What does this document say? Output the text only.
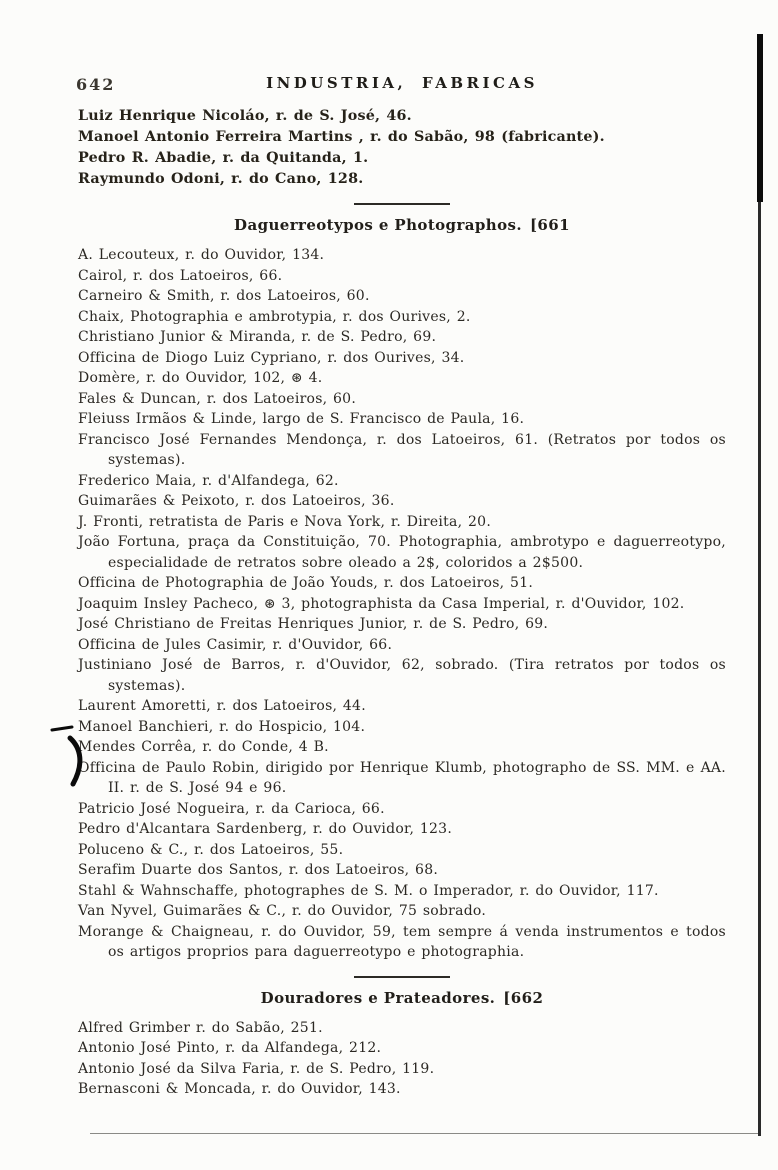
642	INDUSTRIA, FABRICAS

Luiz Henrique Nicoláo, r. de S. José, 46.

Manoel Antonio Ferreira Martins , r. do Sabão, 98 (fabricante).

Pedro R. Abadie, r. da Quitanda, 1.

Raymundo Odoni, r. do Cano, 128.

Daguerreotypos e Photographos. [661

A. Lecouteux, r. do Ouvidor, 134.

Cairol, r. dos Latoeiros, 66.

Carneiro & Smith, r. dos Latoeiros, 60.

Chaix, Photographia e ambrotypia, r. dos Ourives, 2.

Christiano Junior & Miranda, r. de S. Pedro, 69.

Officina de Diogo Luiz Cypriano, r. dos Ourives, 34.

Domère, r. do Ouvidor, 102, ⊛ 4.

Fales & Duncan, r. dos Latoeiros, 60.

Fleiuss Irmãos & Linde, largo de S. Francisco de Paula, 16.

Francisco José Fernandes Mendonça, r. dos Latoeiros, 61. (Retratos por todos os systemas).

Frederico Maia, r. d'Alfandega, 62.

Guimarães & Peixoto, r. dos Latoeiros, 36.

J. Fronti, retratista de Paris e Nova York, r. Direita, 20.

João Fortuna, praça da Constituição, 70. Photographia, ambrotypo e daguerreotypo, especialidade de retratos sobre oleado a 2$, coloridos a 2$500.

Officina de Photographia de João Youds, r. dos Latoeiros, 51.

Joaquim Insley Pacheco, ⊛ 3, photographista da Casa Imperial, r. d'Ouvidor, 102.

José Christiano de Freitas Henriques Junior, r. de S. Pedro, 69.

Officina de Jules Casimir, r. d'Ouvidor, 66.

Justiniano José de Barros, r. d'Ouvidor, 62, sobrado. (Tira retratos por todos os systemas).

Laurent Amoretti, r. dos Latoeiros, 44.

Manoel Banchieri, r. do Hospicio, 104.

Mendes Corrêa, r. do Conde, 4 B.

Officina de Paulo Robin, dirigido por Henrique Klumb, photographo de SS. MM. e AA. II. r. de S. José 94 e 96.

Patricio José Nogueira, r. da Carioca, 66.

Pedro d'Alcantara Sardenberg, r. do Ouvidor, 123.

Poluceno & C., r. dos Latoeiros, 55.

Serafim Duarte dos Santos, r. dos Latoeiros, 68.

Stahl & Wahnschaffe, photographes de S. M. o Imperador, r. do Ouvidor, 117.

Van Nyvel, Guimarães & C., r. do Ouvidor, 75 sobrado.

Morange & Chaigneau, r. do Ouvidor, 59, tem sempre á venda instrumentos e todos os artigos proprios para daguerreotypo e photographia.

Douradores e Prateadores. [662

Alfred Grimber r. do Sabão, 251.

Antonio José Pinto, r. da Alfandega, 212.

Antonio José da Silva Faria, r. de S. Pedro, 119.

Bernasconi & Moncada, r. do Ouvidor, 143.
